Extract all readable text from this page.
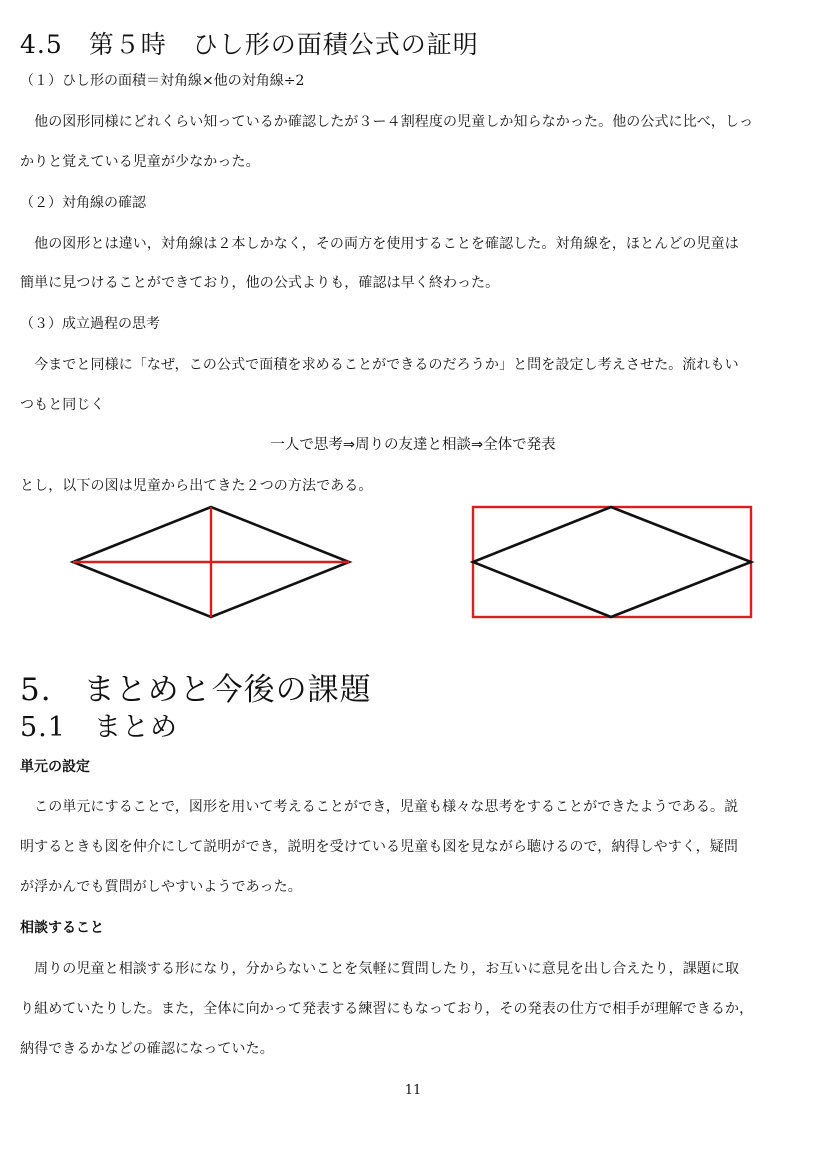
4.5　第５時　ひし形の面積公式の証明
（１）ひし形の面積＝対角線×他の対角線÷2
　他の図形同様にどれくらい知っているか確認したが３ー４割程度の児童しか知らなかった。他の公式に比べ，しっ
かりと覚えている児童が少なかった。
（２）対角線の確認
　他の図形とは違い，対角線は２本しかなく，その両方を使用することを確認した。対角線を，ほとんどの児童は
簡単に見つけることができており，他の公式よりも，確認は早く終わった。
（３）成立過程の思考
　今までと同様に「なぜ，この公式で面積を求めることができるのだろうか」と問を設定し考えさせた。流れもい
つもと同じく
一人で思考⇒周りの友達と相談⇒全体で発表
とし，以下の図は児童から出てきた２つの方法である。
5.　まとめと今後の課題
5.1　まとめ
単元の設定
　この単元にすることで，図形を用いて考えることができ，児童も様々な思考をすることができたようである。説
明するときも図を仲介にして説明ができ，説明を受けている児童も図を見ながら聴けるので，納得しやすく，疑問
が浮かんでも質問がしやすいようであった。
相談すること
　周りの児童と相談する形になり，分からないことを気軽に質問したり，お互いに意見を出し合えたり，課題に取
り組めていたりした。また，全体に向かって発表する練習にもなっており，その発表の仕方で相手が理解できるか，
納得できるかなどの確認になっていた。
11
